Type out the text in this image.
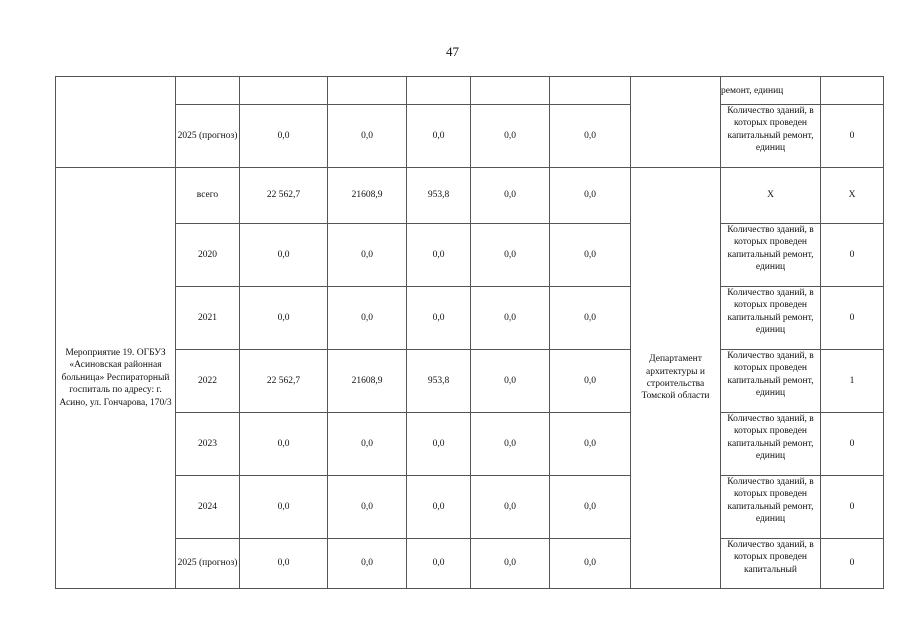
47

								ремонт, единиц	

	2025 (прогноз)	0,0	0,0	0,0	0,0	0,0		Количество зданий, в которых проведен капитальный ремонт, единиц	0
Мероприятие 19. ОГБУЗ «Асиновская районная больница» Респираторный госпиталь по адресу: г. Асино, ул. Гончарова, 170/3	всего	22 562,7	21608,9	953,8	0,0	0,0	Департамент архитектуры и строительства Томской области	Х	Х
	2020	0,0	0,0	0,0	0,0	0,0		Количество зданий, в которых проведен капитальный ремонт, единиц	0
	2021	0,0	0,0	0,0	0,0	0,0		Количество зданий, в которых проведен капитальный ремонт, единиц	0
	2022	22 562,7	21608,9	953,8	0,0	0,0		Количество зданий, в которых проведен капитальный ремонт, единиц	1
	2023	0,0	0,0	0,0	0,0	0,0		Количество зданий, в которых проведен капитальный ремонт, единиц	0
	2024	0,0	0,0	0,0	0,0	0,0		Количество зданий, в которых проведен капитальный ремонт, единиц	0
	2025 (прогноз)	0,0	0,0	0,0	0,0	0,0		Количество зданий, в которых проведен капитальный	0
